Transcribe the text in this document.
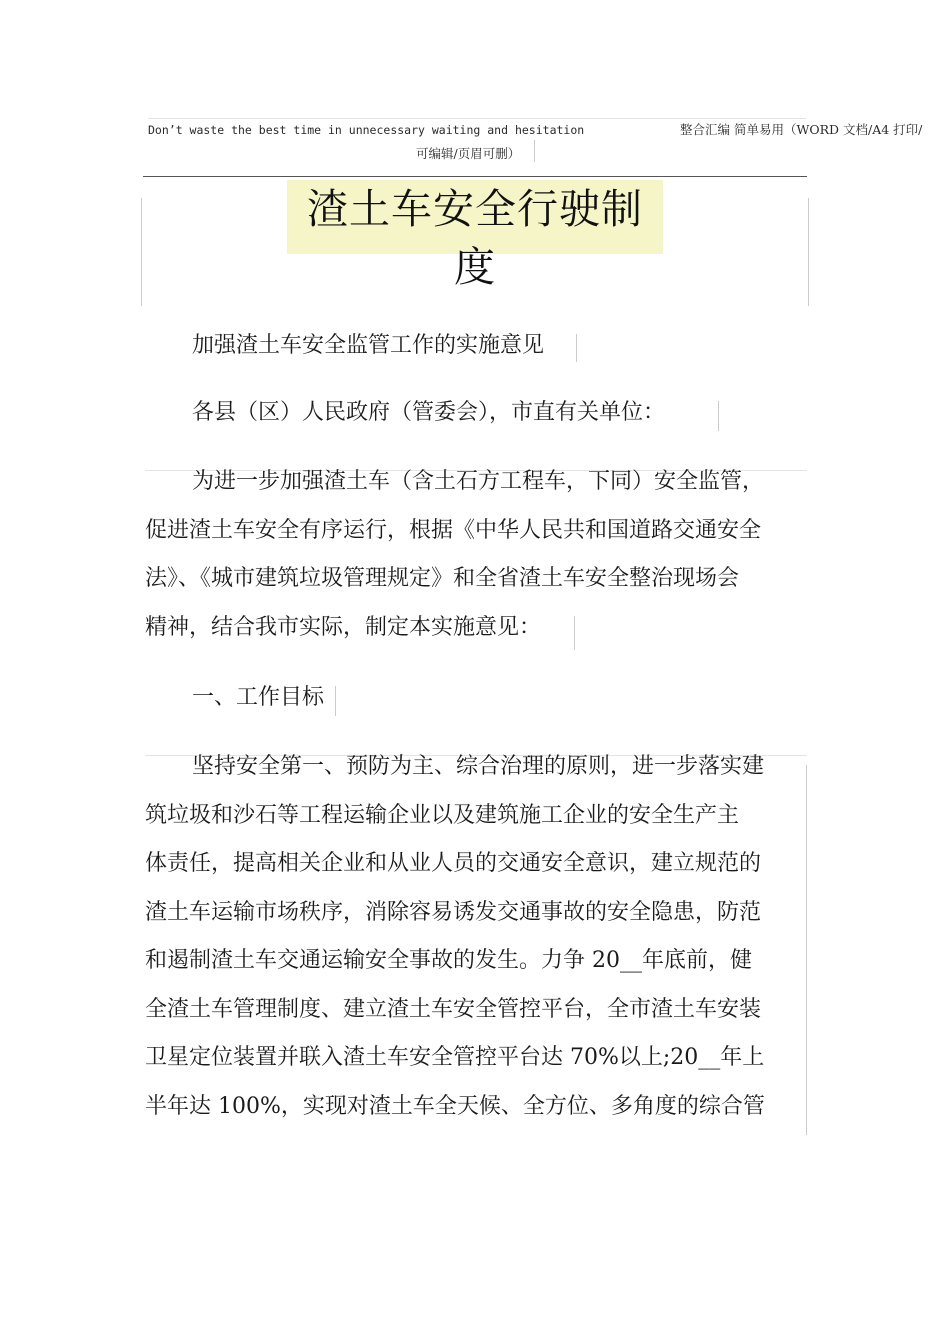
Don’t waste the best time in unnecessary waiting and hesitation	整合汇编 简单易用（WORD 文档/A4 打印/
可编辑/页眉可删）
渣土车安全行驶制度
加强渣土车安全监管工作的实施意见
各县（区）人民政府（管委会），市直有关单位：
为进一步加强渣土车（含土石方工程车，下同）安全监管，
促进渣土车安全有序运行，根据《中华人民共和国道路交通安全
法》、《城市建筑垃圾管理规定》和全省渣土车安全整治现场会
精神，结合我市实际，制定本实施意见：
一、工作目标
坚持安全第一、预防为主、综合治理的原则，进一步落实建
筑垃圾和沙石等工程运输企业以及建筑施工企业的安全生产主
体责任，提高相关企业和从业人员的交通安全意识，建立规范的
渣土车运输市场秩序，消除容易诱发交通事故的安全隐患，防范
和遏制渣土车交通运输安全事故的发生。力争 20__年底前，健
全渣土车管理制度、建立渣土车安全管控平台，全市渣土车安装
卫星定位装置并联入渣土车安全管控平台达 70%以上;20__年上
半年达 100%，实现对渣土车全天候、全方位、多角度的综合管
